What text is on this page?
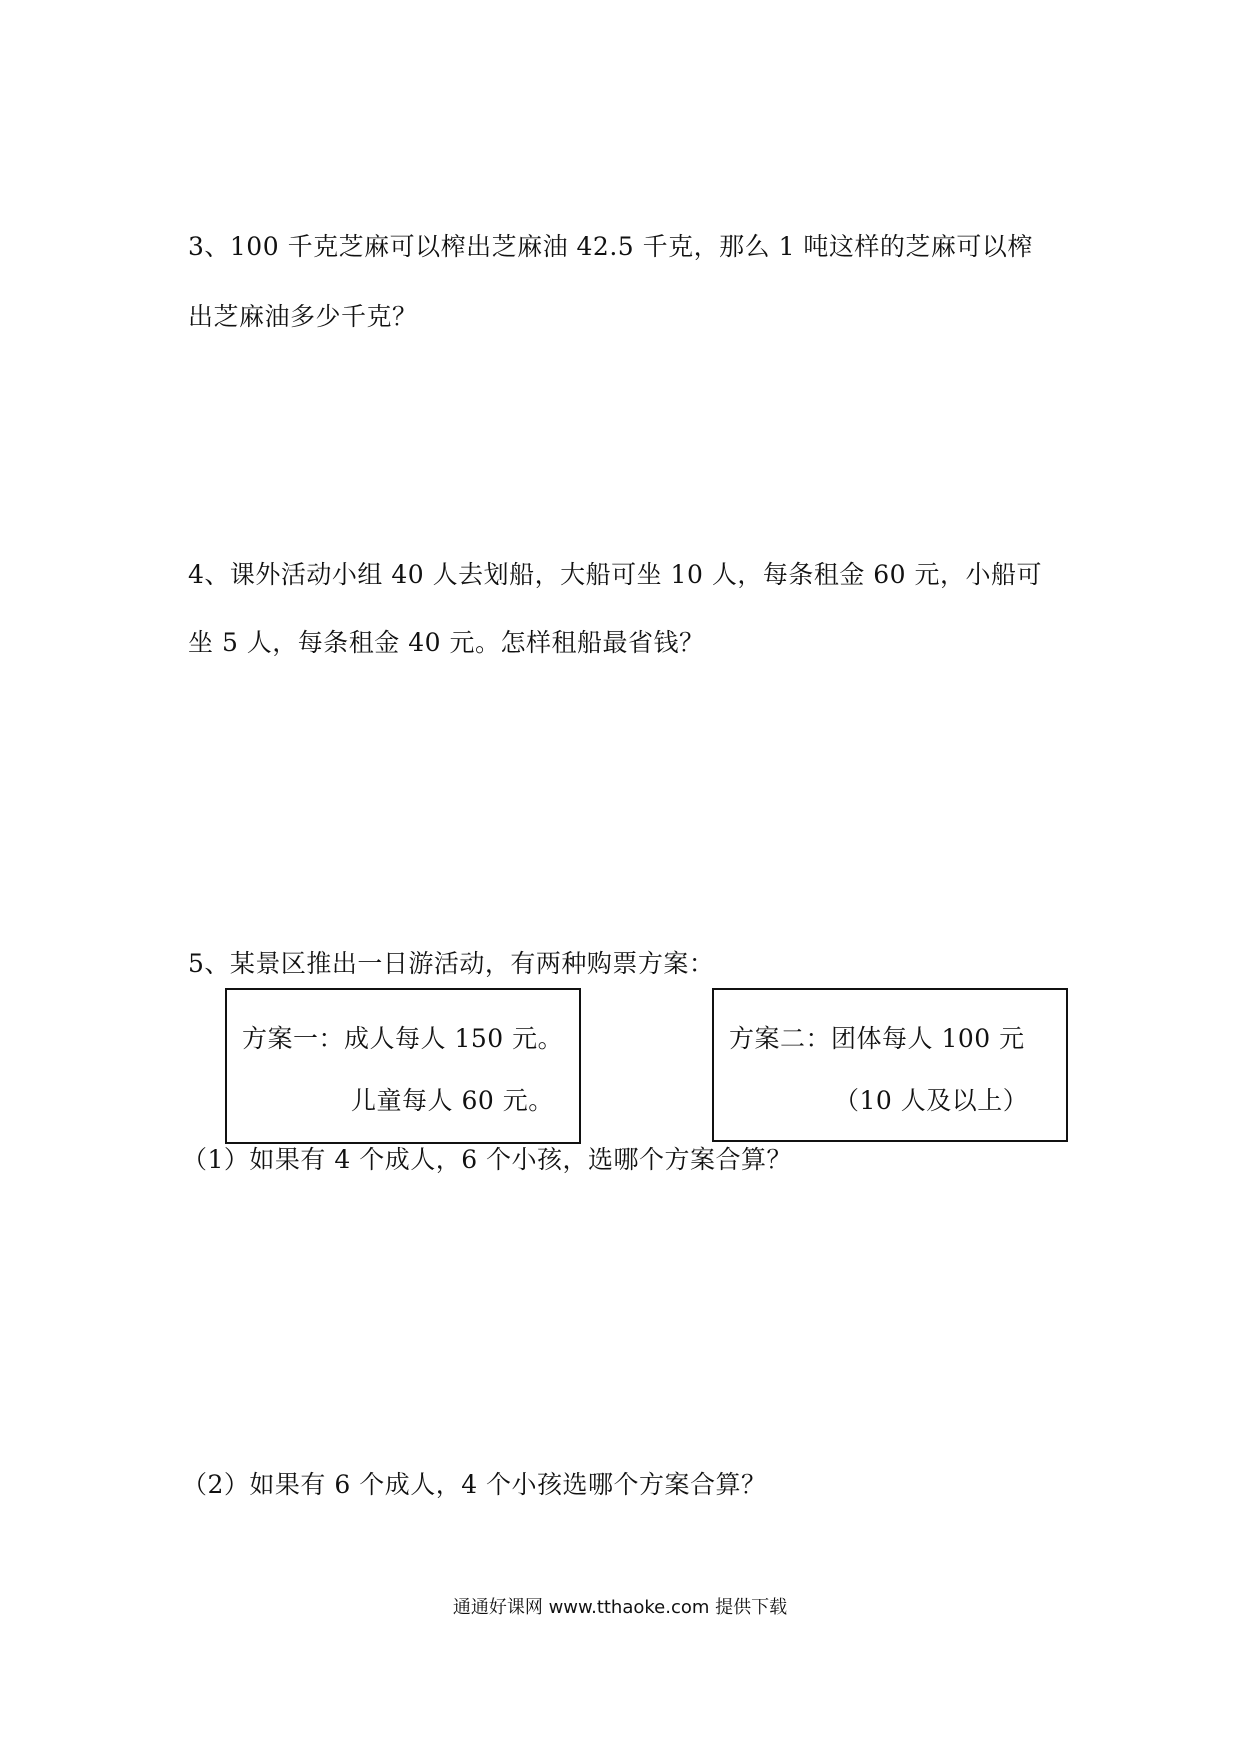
3、100 千克芝麻可以榨出芝麻油 42.5 千克，那么 1 吨这样的芝麻可以榨
出芝麻油多少千克？
4、课外活动小组 40 人去划船，大船可坐 10 人，每条租金 60 元，小船可
坐 5 人，每条租金 40 元。怎样租船最省钱？
5、某景区推出一日游活动，有两种购票方案：
方案一：成人每人 150 元。
儿童每人 60 元。
方案二：团体每人 100 元
（10 人及以上）
（1）如果有 4 个成人，6 个小孩，选哪个方案合算？
（2）如果有 6 个成人，4 个小孩选哪个方案合算？
通通好课网 www.tthaoke.com 提供下载
